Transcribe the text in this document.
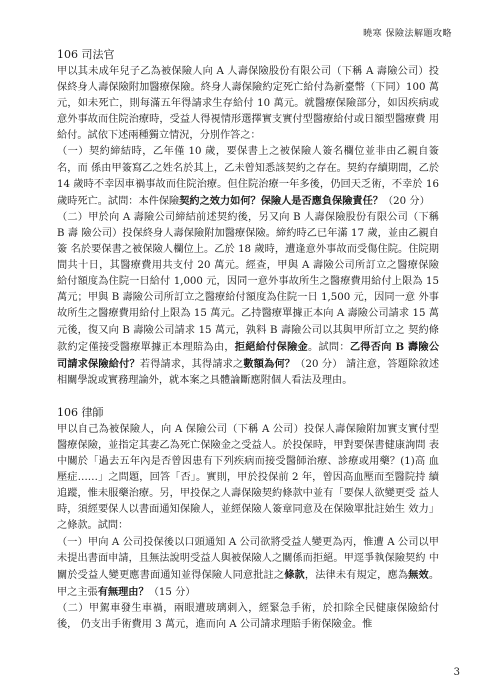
曉寒 保險法解題攻略
106 司法官

甲以其未成年兒子乙為被保險人向 A 人壽保險股份有限公司（下稱 A 壽險公司）投 保終身人壽保險附加醫療保險。終身人壽保險約定死亡給付為新臺幣（下同）100 萬 元，如未死亡，則每滿五年得請求生存給付 10 萬元。就醫療保險部分，如因疾病或 意外事故而住院治療時，受益人得視情形選擇實支實付型醫療給付或日額型醫療費 用給付。試依下述兩種獨立情況，分別作答之：

（一）契約締結時，乙年僅 10 歲，要保書上之被保險人簽名欄位並非由乙親自簽名，而 係由甲簽寫乙之姓名於其上，乙未曾知悉該契約之存在。契約存續期間，乙於 14 歲時不幸因車禍事故而住院治療。但住院治療一年多後，仍回天乏術，不幸於 16 歲時死亡。試問：本件保險契約之效力如何？保險人是否應負保險責任？（20 分）

（二）甲於向 A 壽險公司締結前述契約後，另又向 B 人壽保險股份有限公司（下稱 B 壽 險公司）投保終身人壽保險附加醫療保險。締約時乙已年滿 17 歲，並由乙親自簽 名於要保書之被保險人欄位上。乙於 18 歲時，遭逢意外事故而受傷住院。住院期 間共十日，其醫療費用共支付 20 萬元。經查，甲與 A 壽險公司所訂立之醫療保險 給付額度為住院一日給付 1,000 元，因同一意外事故所生之醫療費用給付上限為 15 萬元；甲與 B 壽險公司所訂立之醫療給付額度為住院一日 1,500 元，因同一意 外事故所生之醫療費用給付上限為 15 萬元。乙持醫療單據正本向 A 壽險公司請求 15 萬元後，復又向 B 壽險公司請求 15 萬元，孰料 B 壽險公司以其與甲所訂立之 契約條款約定僅接受醫療單據正本理賠為由，拒絕給付保險金。試問：乙得否向 B 壽險公司請求保險給付？若得請求，其得請求之數額為何？（20 分） 請注意，答題除敘述相關學說或實務理論外，就本案之具體論斷應附個人看法及理由。

106 律師

甲以自己為被保險人，向 A 保險公司（下稱 A 公司）投保人壽保險附加實支實付型 醫療保險，並指定其妻乙為死亡保險金之受益人。於投保時，甲對要保書健康詢問 表中關於「過去五年內是否曾因患有下列疾病而接受醫師治療、診療或用藥？(1)高 血壓症……」之問題，回答「否」。實則，甲於投保前 2 年，曾因高血壓而至醫院持 續追蹤，惟未服藥治療。另，甲投保之人壽保險契約條款中並有「要保人欲變更受 益人時，須經要保人以書面通知保險人，並經保險人簽章同意及在保險單批註始生 效力」之條款。試問：

（一）甲向 A 公司投保後以口頭通知 A 公司欲將受益人變更為丙，惟遭 A 公司以甲未提出書面申請，且無法說明受益人與被保險人之關係而拒絕。甲逕爭執保險契約 中關於受益人變更應書面通知並得保險人同意批註之條款，法律未有規定，應為無效。甲之主張有無理由？（15 分）

（二）甲駕車發生車禍，兩眼遭玻璃刺入，經緊急手術，於扣除全民健康保險給付後， 仍支出手術費用 3 萬元，進而向 A 公司請求理賠手術保險金。惟

3
